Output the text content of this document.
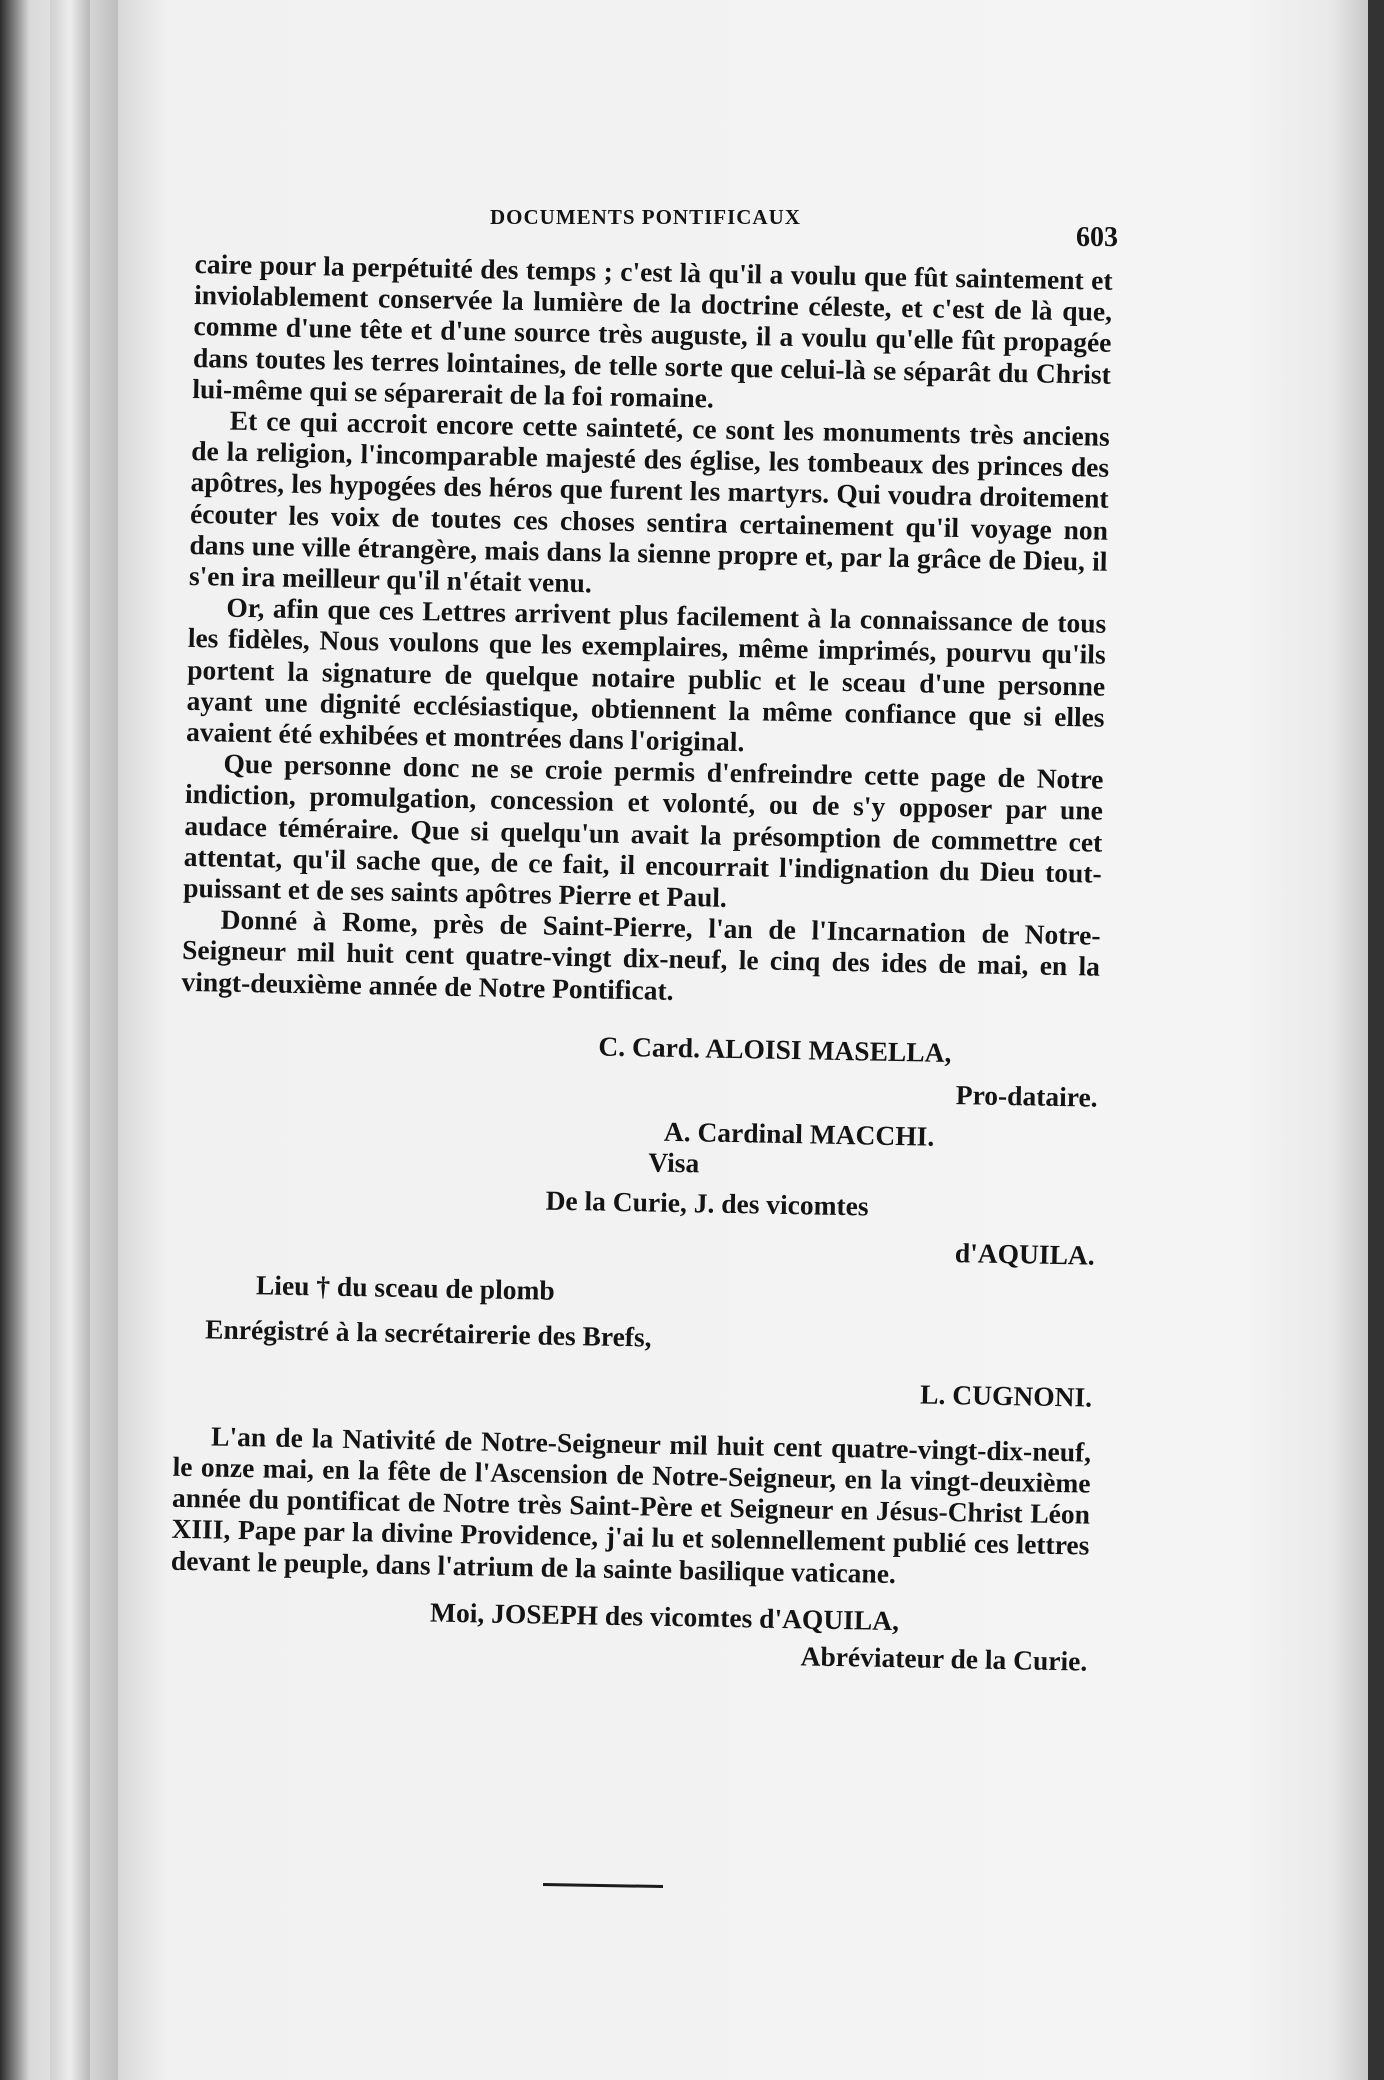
DOCUMENTS PONTIFICAUX
603

caire pour la perpétuité des temps ; c'est là qu'il a voulu que fût saintement et inviolablement conservée la lumière de la doctrine céleste, et c'est de là que, comme d'une tête et d'une source très auguste, il a voulu qu'elle fût propagée dans toutes les terres lointaines, de telle sorte que celui-là se séparât du Christ lui-même qui se séparerait de la foi romaine.

Et ce qui accroit encore cette sainteté, ce sont les monuments très anciens de la religion, l'incomparable majesté des église, les tombeaux des princes des apôtres, les hypogées des héros que furent les martyrs. Qui voudra droitement écouter les voix de toutes ces choses sentira certainement qu'il voyage non dans une ville étrangère, mais dans la sienne propre et, par la grâce de Dieu, il s'en ira meilleur qu'il n'était venu.

Or, afin que ces Lettres arrivent plus facilement à la connaissance de tous les fidèles, Nous voulons que les exemplaires, même imprimés, pourvu qu'ils portent la signature de quelque notaire public et le sceau d'une personne ayant une dignité ecclésiastique, obtiennent la même confiance que si elles avaient été exhibées et montrées dans l'original.

Que personne donc ne se croie permis d'enfreindre cette page de Notre indiction, promulgation, concession et volonté, ou de s'y opposer par une audace téméraire. Que si quelqu'un avait la présomption de commettre cet attentat, qu'il sache que, de ce fait, il encourrait l'indignation du Dieu tout-puissant et de ses saints apôtres Pierre et Paul.

Donné à Rome, près de Saint-Pierre, l'an de l'Incarnation de Notre-Seigneur mil huit cent quatre-vingt dix-neuf, le cinq des ides de mai, en la vingt-deuxième année de Notre Pontificat.

C. Card. ALOISI MASELLA,

Pro-dataire.

A. Cardinal MACCHI.

Visa

De la Curie, J. des vicomtes

d'AQUILA.

Lieu † du sceau de plomb

Enrégistré à la secrétairerie des Brefs,

L. CUGNONI.

L'an de la Nativité de Notre-Seigneur mil huit cent quatre-vingt-dix-neuf, le onze mai, en la fête de l'Ascension de Notre-Seigneur, en la vingt-deuxième année du pontificat de Notre très Saint-Père et Seigneur en Jésus-Christ Léon XIII, Pape par la divine Providence, j'ai lu et solennellement publié ces lettres devant le peuple, dans l'atrium de la sainte basilique vaticane.

Moi, JOSEPH des vicomtes d'AQUILA,

Abréviateur de la Curie.
